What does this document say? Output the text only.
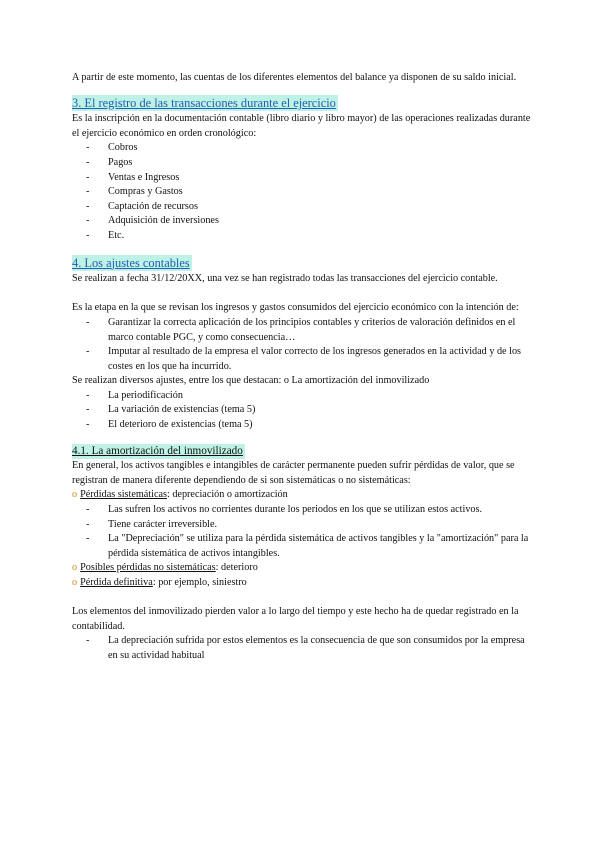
A partir de este momento, las cuentas de los diferentes elementos del balance ya disponen de su saldo inicial.

3. El registro de las transacciones durante el ejercicio

Es la inscripción en la documentación contable (libro diario y libro mayor) de las operaciones realizadas durante el ejercicio económico en orden cronológico:

- Cobros
- Pagos
- Ventas e Ingresos
- Compras y Gastos
- Captación de recursos
- Adquisición de inversiones
- Etc.
4. Los ajustes contables

Se realizan a fecha 31/12/20XX, una vez se han registrado todas las transacciones del ejercicio contable.

Es la etapa en la que se revisan los ingresos y gastos consumidos del ejercicio económico con la intención de:

- Garantizar la correcta aplicación de los principios contables y criterios de valoración definidos en el marco contable PGC, y como consecuencia…
- Imputar al resultado de la empresa el valor correcto de los ingresos generados en la actividad y de los costes en los que ha incurrido.

Se realizan diversos ajustes, entre los que destacan: o La amortización del inmovilizado

- La periodificación
- La variación de existencias (tema 5)
- El deterioro de existencias (tema 5)
4.1. La amortización del inmovilizado

En general, los activos tangibles e intangibles de carácter permanente pueden sufrir pérdidas de valor, que se registran de manera diferente dependiendo de si son sistemáticas o no sistemáticas:

o Pérdidas sistemáticas: depreciación o amortización

- Las sufren los activos no corrientes durante los periodos en los que se utilizan estos activos.
- Tiene carácter irreversible.
- La "Depreciación" se utiliza para la pérdida sistemática de activos tangibles y la "amortización" para la pérdida sistemática de activos intangibles.

o Posibles pérdidas no sistemáticas: deterioro

o Pérdida definitiva: por ejemplo, siniestro

Los elementos del inmovilizado pierden valor a lo largo del tiempo y este hecho ha de quedar registrado en la contabilidad.

- La depreciación sufrida por estos elementos es la consecuencia de que son consumidos por la empresa en su actividad habitual
